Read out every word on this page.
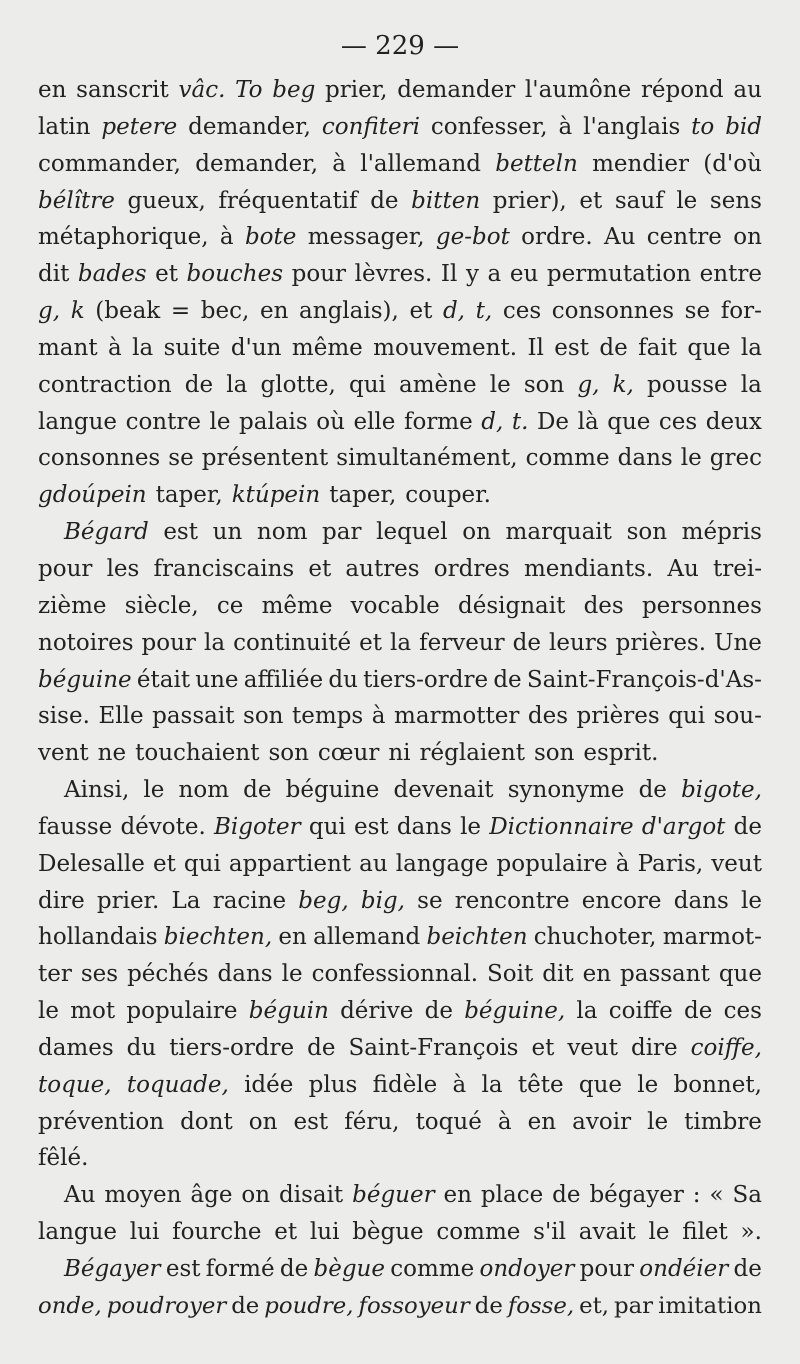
— 229 —
en sanscrit vâc. To beg prier, demander l'aumône répond au
latin petere demander, confiteri confesser, à l'anglais to bid
commander, demander, à l'allemand betteln mendier (d'où
bélître gueux, fréquentatif de bitten prier), et sauf le sens
métaphorique, à bote messager, ge-bot ordre. Au centre on
dit bades et bouches pour lèvres. Il y a eu permutation entre
g, k (beak = bec, en anglais), et d, t, ces consonnes se for-
mant à la suite d'un même mouvement. Il est de fait que la
contraction de la glotte, qui amène le son g, k, pousse la
langue contre le palais où elle forme d, t. De là que ces deux
consonnes se présentent simultanément, comme dans le grec
gdoúpein taper, ktúpein taper, couper.
Bégard est un nom par lequel on marquait son mépris
pour les franciscains et autres ordres mendiants. Au trei-
zième siècle, ce même vocable désignait des personnes
notoires pour la continuité et la ferveur de leurs prières. Une
béguine était une affiliée du tiers-ordre de Saint-François-d'As-
sise. Elle passait son temps à marmotter des prières qui sou-
vent ne touchaient son cœur ni réglaient son esprit.
Ainsi, le nom de béguine devenait synonyme de bigote,
fausse dévote. Bigoter qui est dans le Dictionnaire d'argot de
Delesalle et qui appartient au langage populaire à Paris, veut
dire prier. La racine beg, big, se rencontre encore dans le
hollandais biechten, en allemand beichten chuchoter, marmot-
ter ses péchés dans le confessionnal. Soit dit en passant que
le mot populaire béguin dérive de béguine, la coiffe de ces
dames du tiers-ordre de Saint-François et veut dire coiffe,
toque, toquade, idée plus fidèle à la tête que le bonnet,
prévention dont on est féru, toqué à en avoir le timbre
fêlé.
Au moyen âge on disait béguer en place de bégayer : « Sa
langue lui fourche et lui bègue comme s'il avait le filet ».
Bégayer est formé de bègue comme ondoyer pour ondéier de
onde, poudroyer de poudre, fossoyeur de fosse, et, par imitation
